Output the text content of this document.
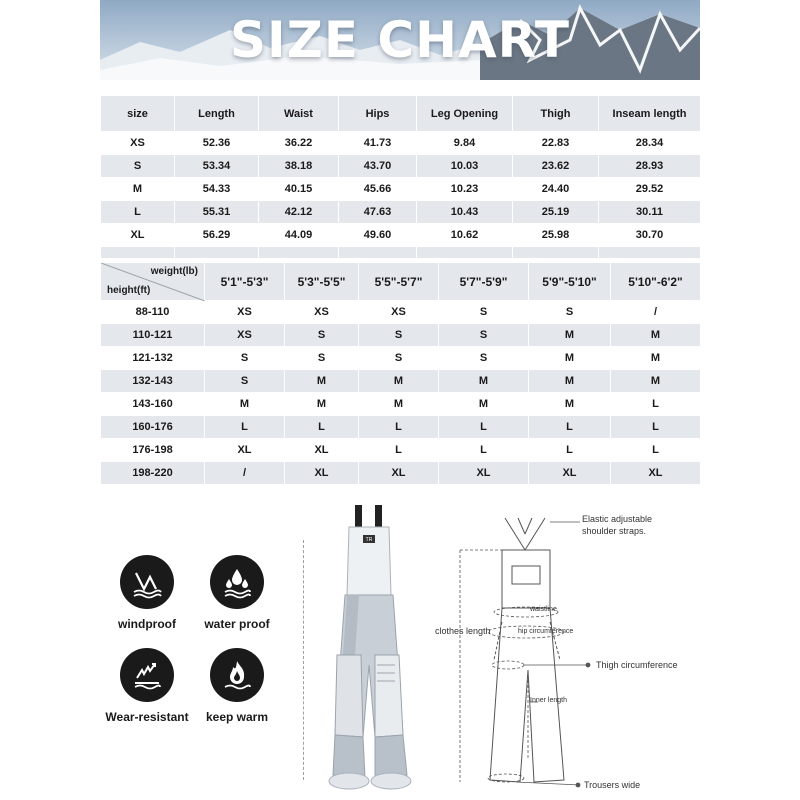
SIZE CHART
size	Length	Waist	Hips	Leg Opening	Thigh	Inseam length
XS	52.36	36.22	41.73	9.84	22.83	28.34
S	53.34	38.18	43.70	10.03	23.62	28.93
M	54.33	40.15	45.66	10.23	24.40	29.52
L	55.31	42.12	47.63	10.43	25.19	30.11
XL	56.29	44.09	49.60	10.62	25.98	30.70

weight(lb)
height(ft)	5'1"-5'3"	5'3"-5'5"	5'5"-5'7"	5'7"-5'9"	5'9"-5'10"	5'10"-6'2"
88-110	XS	XS	XS	S	S	/
110-121	XS	S	S	S	M	M
121-132	S	S	S	S	M	M
132-143	S	M	M	M	M	M
143-160	M	M	M	M	M	L
160-176	L	L	L	L	L	L
176-198	XL	XL	L	L	L	L
198-220	/	XL	XL	XL	XL	XL
windproof	water proof
Wear-resistant	keep warm
TR
Elastic adjustable
shoulder straps.
clothes length
waistline
hip circumference
Thigh circumference
Inner length
Trousers wide
